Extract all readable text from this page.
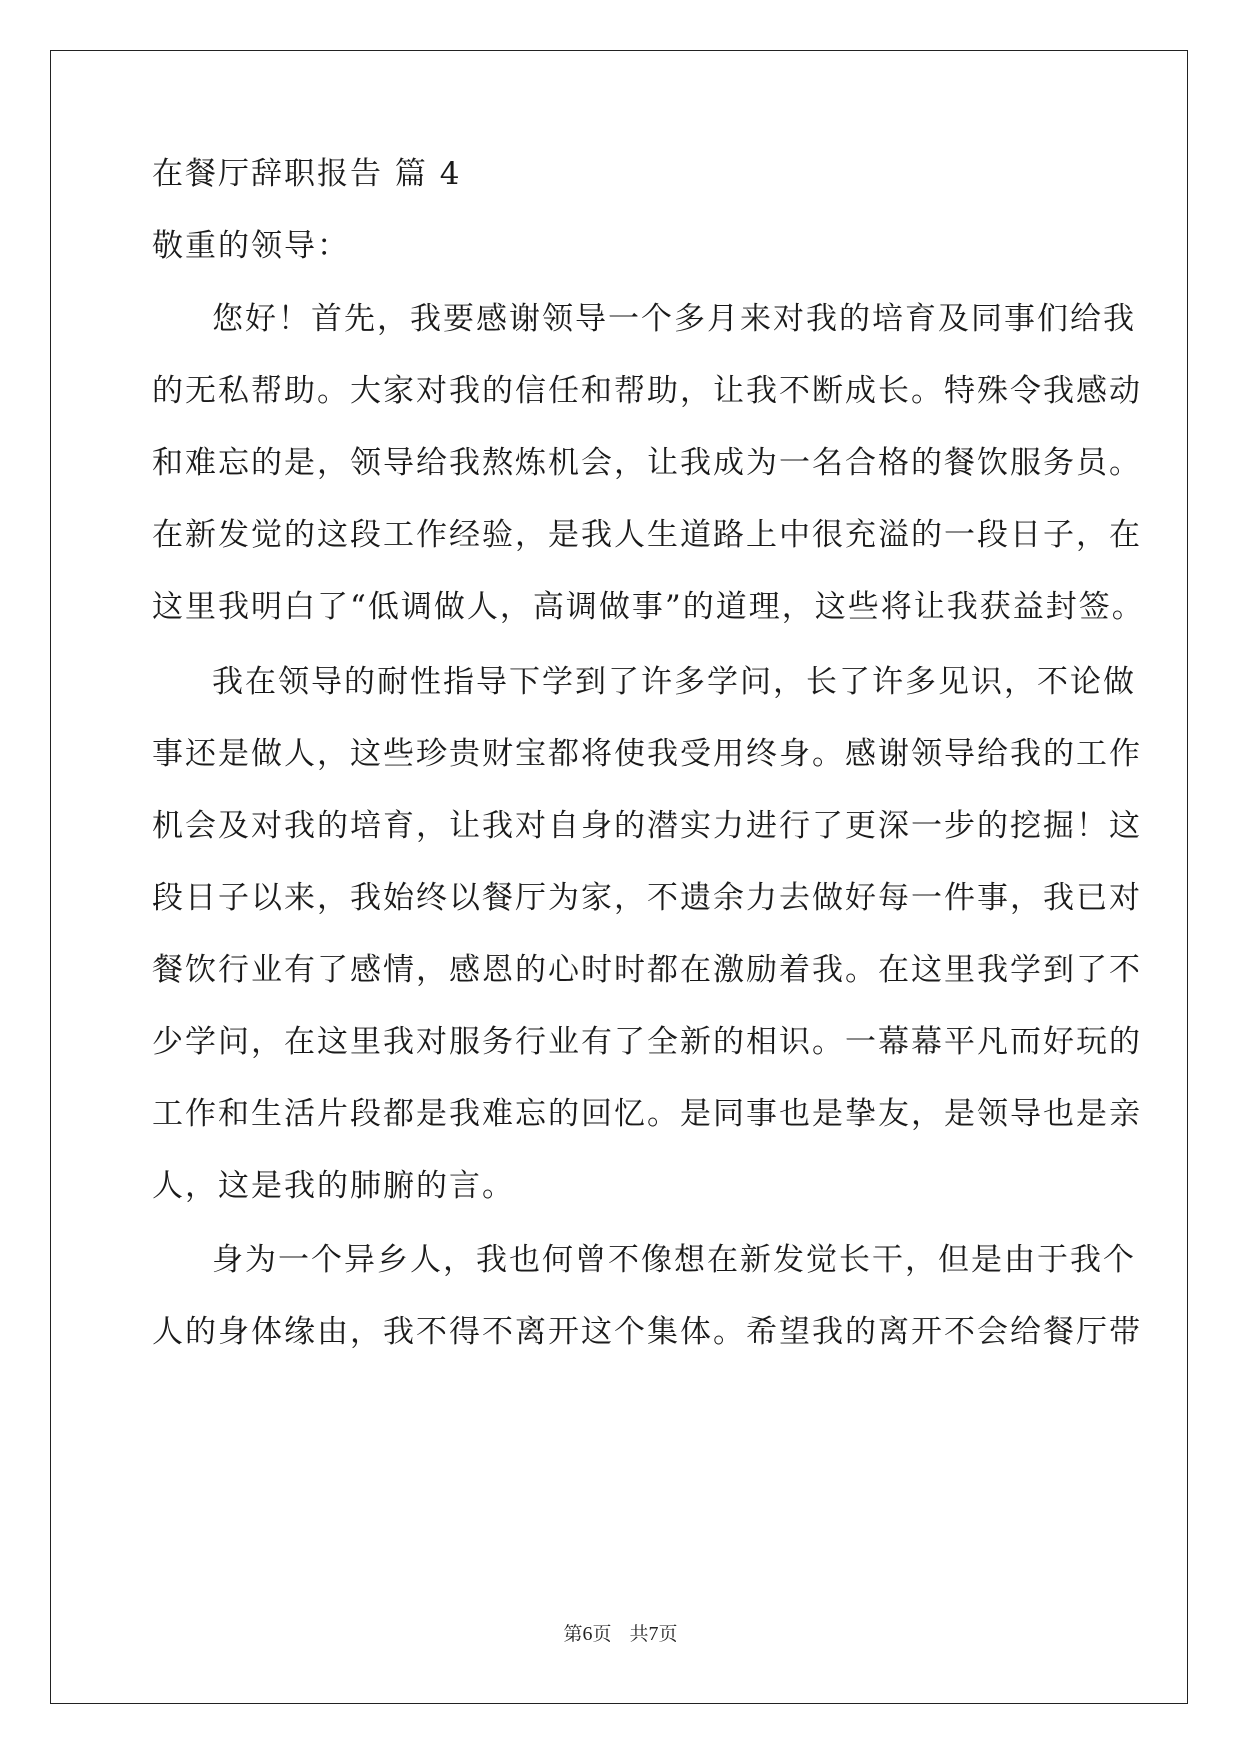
在餐厅辞职报告 篇 4
敬重的领导：
您好！首先，我要感谢领导一个多月来对我的培育及同事们给我
的无私帮助。大家对我的信任和帮助，让我不断成长。特殊令我感动
和难忘的是，领导给我熬炼机会，让我成为一名合格的餐饮服务员。
在新发觉的这段工作经验，是我人生道路上中很充溢的一段日子，在
这里我明白了“低调做人，高调做事”的道理，这些将让我获益封签。
我在领导的耐性指导下学到了许多学问，长了许多见识，不论做
事还是做人，这些珍贵财宝都将使我受用终身。感谢领导给我的工作
机会及对我的培育，让我对自身的潜实力进行了更深一步的挖掘！这
段日子以来，我始终以餐厅为家，不遗余力去做好每一件事，我已对
餐饮行业有了感情，感恩的心时时都在激励着我。在这里我学到了不
少学问，在这里我对服务行业有了全新的相识。一幕幕平凡而好玩的
工作和生活片段都是我难忘的回忆。是同事也是挚友，是领导也是亲
人，这是我的肺腑的言。
身为一个异乡人，我也何曾不像想在新发觉长干，但是由于我个
人的身体缘由，我不得不离开这个集体。希望我的离开不会给餐厅带
第6页 共7页
